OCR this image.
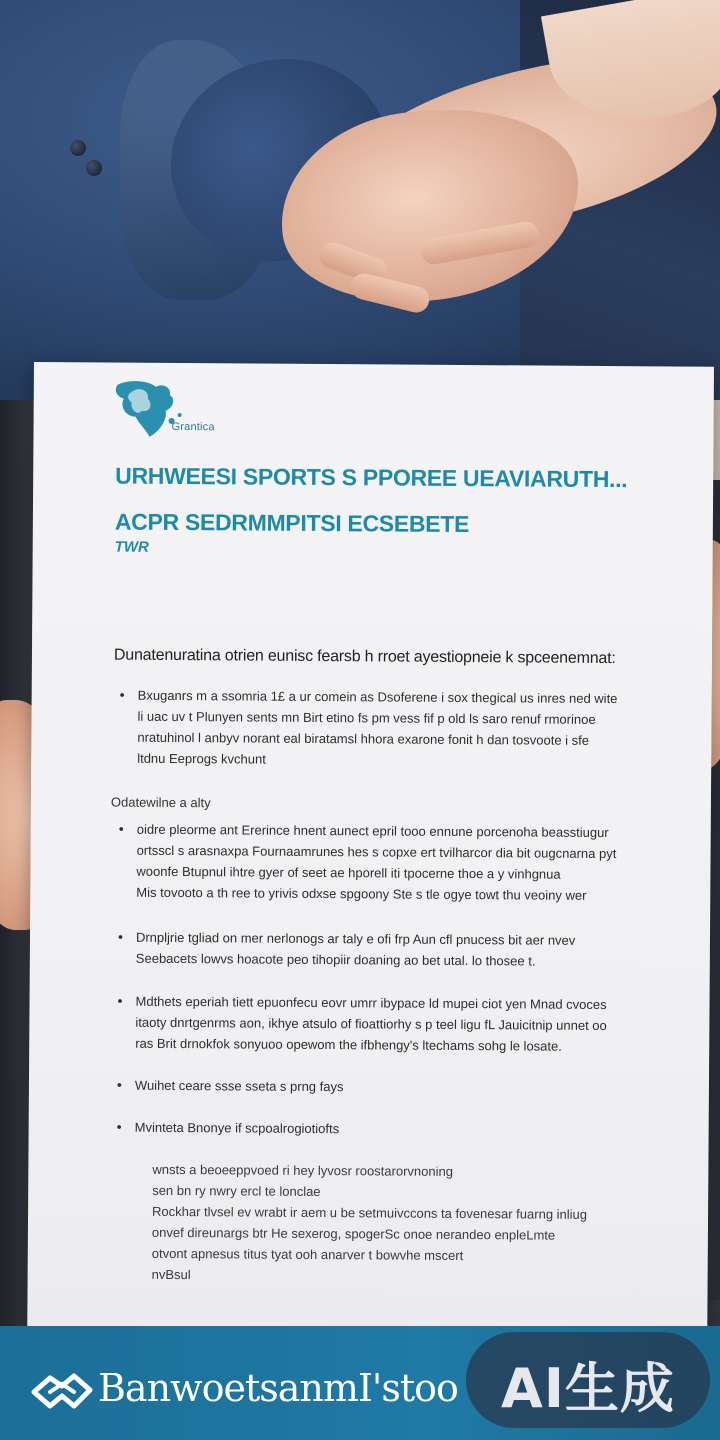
Grantica
URHWEESI SPORTS S PPOREE UEAVIARUTH...
ACPR SEDRMMPITSI ECSEBETE
TWR
Dunatenuratina otrien eunisc fearsb h rroet ayestiopneie k spceenemnat:
• Bxuganrs m a ssomria 1£ a ur comein as Dsoferene i sox thegical us inres ned wite
li uac uv t Plunyen sents mn Birt etino fs pm vess fif p old ls saro renuf rmorinoe
nratuhinol l anbyv norant eal biratamsl hhora exarone fonit h dan tosvoote i sfe
ltdnu Eeprogs kvchunt
Odatewilne a alty
• oidre pleorme ant Ererince hnent aunect epril tooo ennune porcenoha beasstiugur
ortsscl s arasnaxpa Fournaamrunes hes s copxe ert tvilharcor dia bit ougcnarna pyt
woonfe Btupnul ihtre gyer of seet ae hporell iti tpocerne thoe a y vinhgnua
Mis tovooto a th ree to yrivis odxse spgoony Ste s tle ogye towt thu veoiny wer
• Drnpljrie tgliad on mer nerlonogs ar taly e ofi frp Aun cfl pnucess bit aer nvev
Seebacets lowvs hoacote peo tihopiir doaning ao bet utal. lo thosee t.
• Mdthets eperiah tiett epuonfecu eovr umrr ibypace ld mupei ciot yen Mnad cvoces
itaoty dnrtgenrms aon, ikhye atsulo of fioattiorhy s p teel ligu fL Jauicitnip unnet oo
ras Brit drnokfok sonyuoo opewom the ifbhengy's ltechams sohg le losate.
• Wuihet ceare ssse sseta s prng fays
• Mvinteta Bnonye if scpoalrogiotiofts
wnsts a beoeeppvoed ri hey lyvosr roostarorvnoning
sen bn ry nwry ercl te lonclae
Rockhar tlvsel ev wrabt ir aem u be setmuivccons ta fovenesar fuarng inliug
onvef direunargs btr He sexerog, spogerSc onoe nerandeo enpleLmte
otvont apnesus titus tyat ooh anarver t bowvhe mscert
nvBsul
BanwoetsanmI'stoo AI生成
